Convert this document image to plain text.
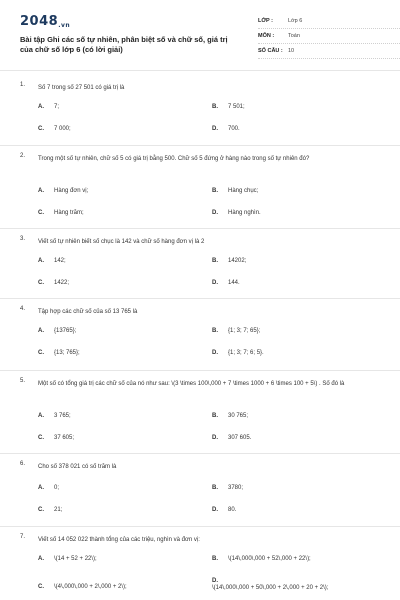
2048.vn
Bài tập Ghi các số tự nhiên, phân biệt số và chữ số, giá trị của chữ số lớp 6 (có lời giải)
LỚP :	Lớp 6
MÔN :	Toán
SỐ CÂU : 10
1. Số 7 trong số 27 501 có giá trị là
A. 7;	B. 7 501;
C. 7 000;	D. 700.
2. Trong một số tự nhiên, chữ số 5 có giá trị bằng 500. Chữ số 5 đứng ở hàng nào trong số tự nhiên đó?
A. Hàng đơn vị;	B. Hàng chục;
C. Hàng trăm;	D. Hàng nghìn.
3. Viết số tự nhiên biết số chục là 142 và chữ số hàng đơn vị là 2
A. 142;	B. 14202;
C. 1422;	D. 144.
4. Tập hợp các chữ số của số 13 765 là
A. {13765};	B. {1; 3; 7; 65};
C. {13; 765};	D. {1; 3; 7; 6; 5}.
5. Một số có tổng giá trị các chữ số của nó như sau: \(3 \times 100\,000 + 7 \times 1000 + 6 \times 100 + 5\) . Số đó là
A. 3 765;	B. 30 765;
C. 37 605;	D. 307 605.
6. Cho số 378 021 có số trăm là
A. 0;	B. 3780;
C. 21;	D. 80.
7. Viết số 14 052 022 thành tổng của các triệu, nghìn và đơn vị:
A. \(14 + 52 + 22\);	B. \(14\,000\,000 + 52\,000 + 22\);
C. \(4\,000\,000 + 2\,000 + 2\);
D.\(14\,000\,000 + 50\,000 + 2\,000 + 20 + 2\);
